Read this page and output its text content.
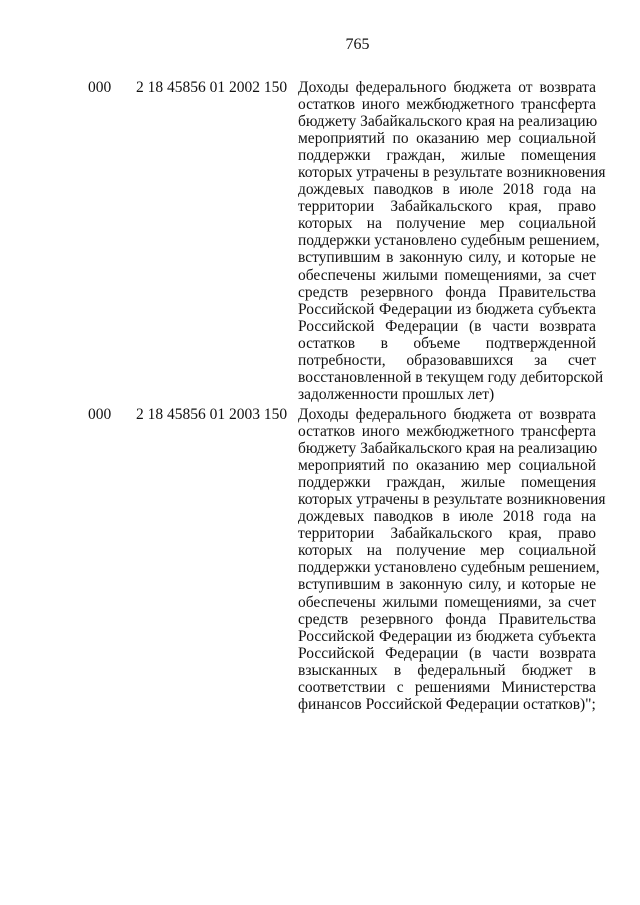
765
000 2 18 45856 01 2002 150 Доходы федерального бюджета от возврата
остатков иного межбюджетного трансферта
бюджету Забайкальского края на реализацию
мероприятий по оказанию мер социальной
поддержки граждан, жилые помещения
которых утрачены в результате возникновения
дождевых паводков в июле 2018 года на
территории Забайкальского края, право
которых на получение мер социальной
поддержки установлено судебным решением,
вступившим в законную силу, и которые не
обеспечены жилыми помещениями, за счет
средств резервного фонда Правительства
Российской Федерации из бюджета субъекта
Российской Федерации (в части возврата
остатков в объеме подтвержденной
потребности, образовавшихся за счет
восстановленной в текущем году дебиторской
задолженности прошлых лет)
000 2 18 45856 01 2003 150 Доходы федерального бюджета от возврата
остатков иного межбюджетного трансферта
бюджету Забайкальского края на реализацию
мероприятий по оказанию мер социальной
поддержки граждан, жилые помещения
которых утрачены в результате возникновения
дождевых паводков в июле 2018 года на
территории Забайкальского края, право
которых на получение мер социальной
поддержки установлено судебным решением,
вступившим в законную силу, и которые не
обеспечены жилыми помещениями, за счет
средств резервного фонда Правительства
Российской Федерации из бюджета субъекта
Российской Федерации (в части возврата
взысканных в федеральный бюджет в
соответствии с решениями Министерства
финансов Российской Федерации остатков)";
